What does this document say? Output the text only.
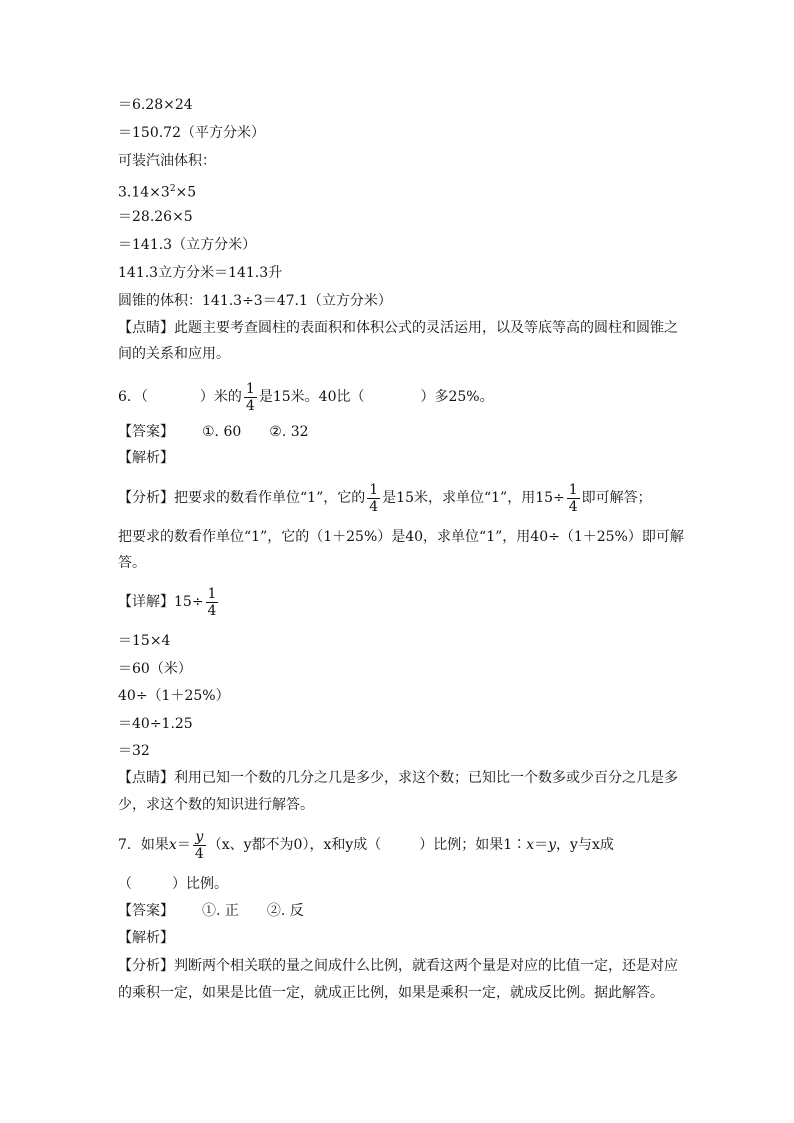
＝6.28×24
＝150.72（平方分米）
可装汽油体积：
$3.14\times 3^2\times 5$
＝28.26×5
＝141.3（立方分米）
141.3立方分米＝141.3升
圆锥的体积：141.3÷3＝47.1（立方分米）
【点睛】此题主要考查圆柱的表面积和体积公式的灵活运用，以及等底等高的圆柱和圆锥之
间的关系和应用。
6．（	）米的 $\frac{1}{4}$ 是15米。40比（	）多25%。
【答案】 ①. 60 ②. 32
【解析】
【分析】把要求的数看作单位“1”，它的 $\frac{1}{4}$ 是15米，求单位“1”，用$15\div \frac{1}{4}$ 即可解答；
把要求的数看作单位“1”，它的（1＋25%）是40，求单位“1”，用40÷（1＋25%）即可解
答。
【详解】$15\div \frac{1}{4}$
＝15×4
＝60（米）
40÷（1＋25%）
＝40÷1.25
＝32
【点睛】利用已知一个数的几分之几是多少，求这个数；已知比一个数多或少百分之几是多
少，求这个数的知识进行解答。
7．如果$x= \frac{y}{4} (x$、y都不为0），x和y成（	）比例；如果1∶x＝y，y与x成
（	）比例。
【答案】 ①. 正 ②. 反
【解析】
【分析】判断两个相关联的量之间成什么比例，就看这两个量是对应的比值一定，还是对应
的乘积一定，如果是比值一定，就成正比例，如果是乘积一定，就成反比例。据此解答。
